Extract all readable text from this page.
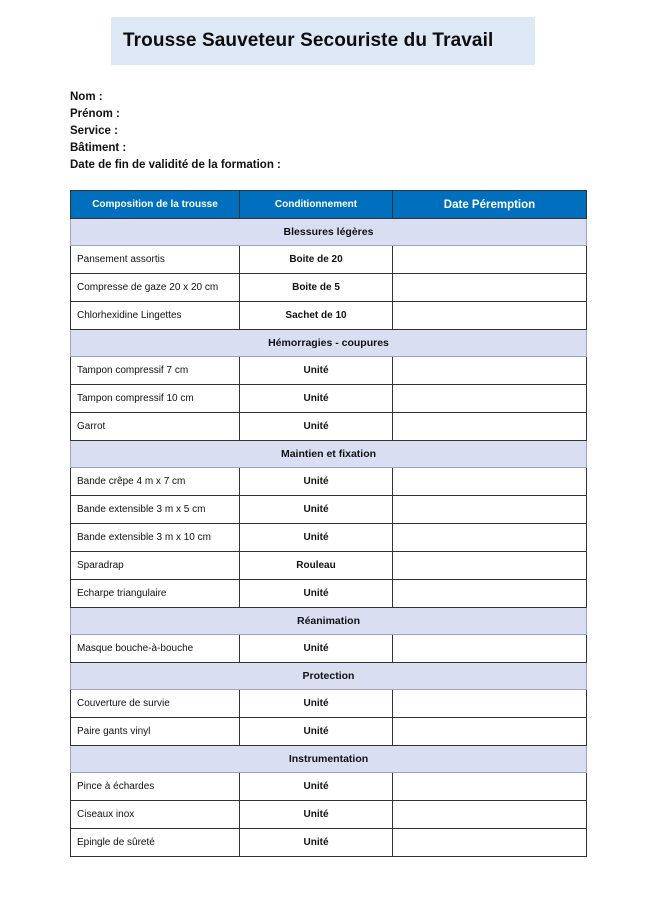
Trousse Sauveteur Secouriste du Travail
Nom :
Prénom :
Service :
Bâtiment :
Date de fin de validité de la formation :
Composition de la trousse	Conditionnement	Date Péremption
Blessures légères		
Pansement assortis	Boite de 20	
Compresse de gaze 20 x 20 cm	Boite de 5	
Chlorhexidine Lingettes	Sachet de 10	
Hémorragies - coupures		
Tampon compressif 7 cm	Unité	
Tampon compressif 10 cm	Unité	
Garrot	Unité	
Maintien et fixation		
Bande crêpe 4 m x 7 cm	Unité	
Bande extensible 3 m x 5 cm	Unité	
Bande extensible 3 m x 10 cm	Unité	
Sparadrap	Rouleau	
Echarpe triangulaire	Unité	
Réanimation		
Masque bouche-à-bouche	Unité	
Protection		
Couverture de survie	Unité	
Paire gants vinyl	Unité	
Instrumentation		
Pince à échardes	Unité	
Ciseaux inox	Unité	
Epingle de sûreté	Unité	
